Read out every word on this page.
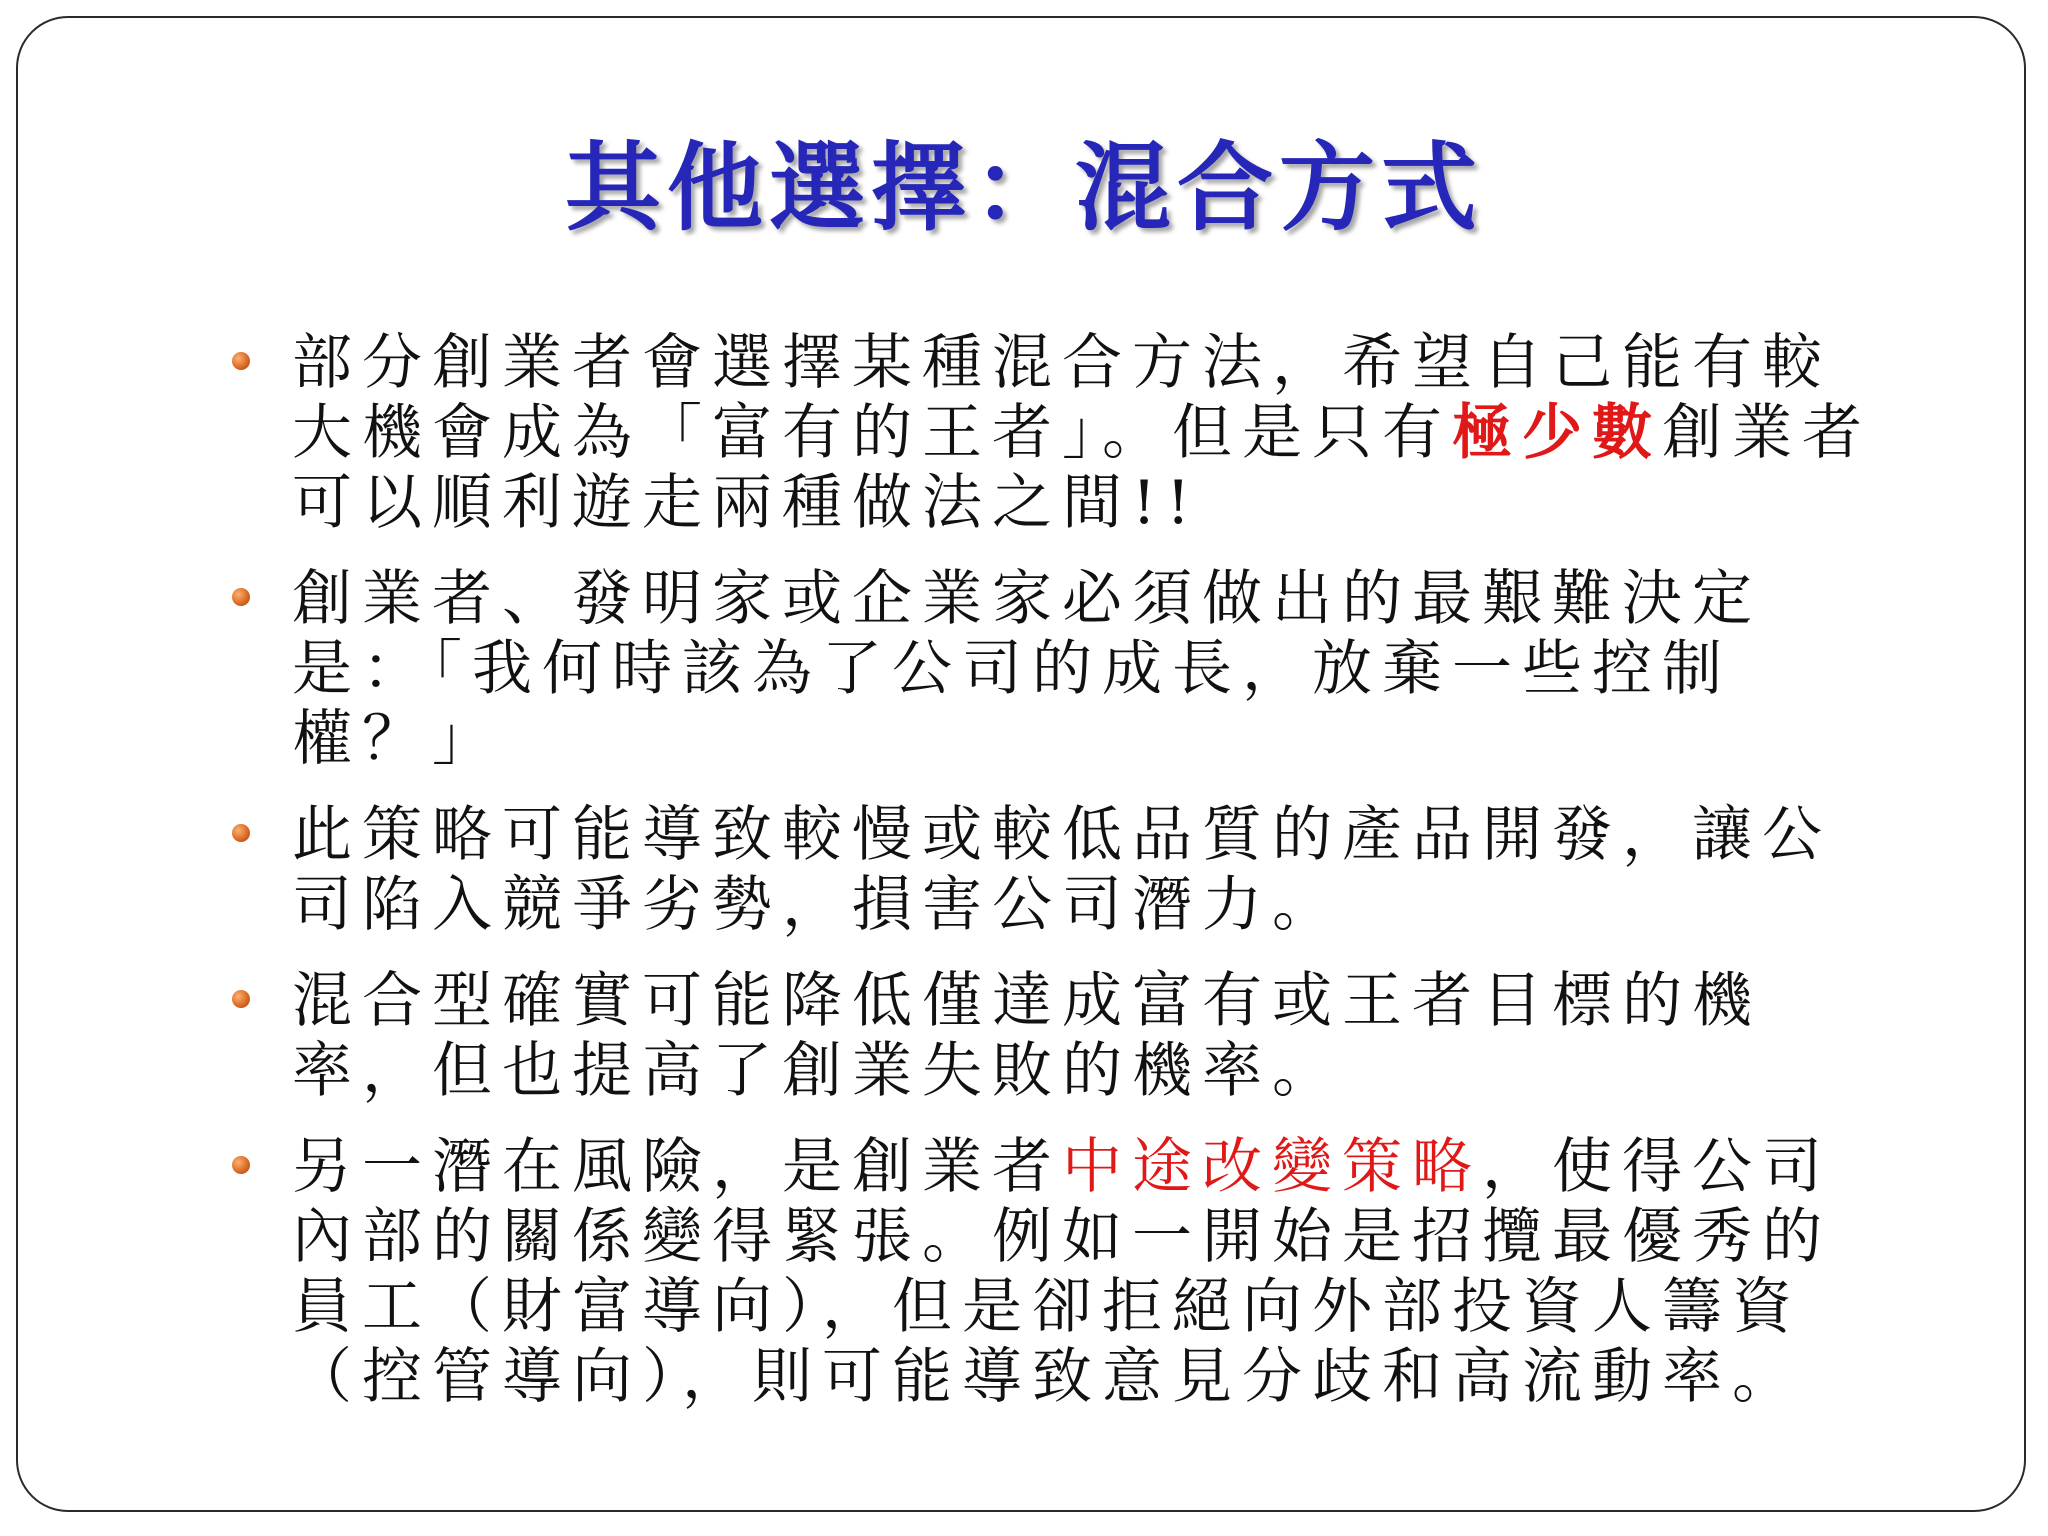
其他選擇：混合方式
部分創業者會選擇某種混合方法，希望自己能有較大機會成為「富有的王者」。但是只有極少數創業者可以順利遊走兩種做法之間!!
創業者、發明家或企業家必須做出的最艱難決定是：「我何時該為了公司的成長，放棄一些控制權？」
此策略可能導致較慢或較低品質的產品開發，讓公司陷入競爭劣勢，損害公司潛力。
混合型確實可能降低僅達成富有或王者目標的機率，但也提高了創業失敗的機率。
另一潛在風險，是創業者中途改變策略，使得公司內部的關係變得緊張。例如一開始是招攬最優秀的員工（財富導向），但是卻拒絕向外部投資人籌資（控管導向），則可能導致意見分歧和高流動率。
